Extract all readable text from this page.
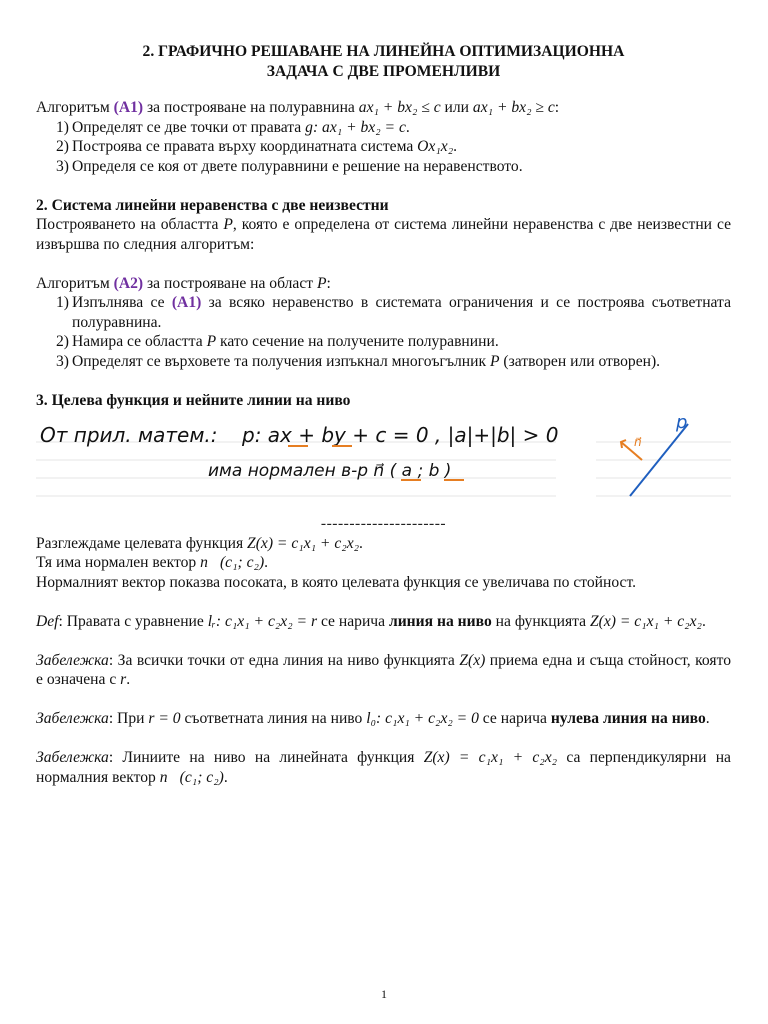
2. ГРАФИЧНО РЕШАВАНЕ НА ЛИНЕЙНА ОПТИМИЗАЦИОННА
ЗАДАЧА С ДВЕ ПРОМЕНЛИВИ

Алгоритъм (A1) за построяване на полуравнина ax₁ + bx₂ ≤ c или ax₁ + bx₂ ≥ c:

1) Определят се две точки от правата g: ax₁ + bx₂ = c.
2) Построява се правата върху координатната система Ox₁x₂.
3) Определя се коя от двете полуравнини е решение на неравенството.

2. Система линейни неравенства с две неизвестни

Построяването на областта P, която е определена от система линейни неравенства с две неизвестни се извършва по следния алгоритъм:

Алгоритъм (A2) за построяване на област P:

1) Изпълнява се (A1) за всяко неравенство в системата ограничения и се построява съответната полуравнина.
2) Намира се областта P като сечение на получените полуравнини.
3) Определят се върховете та получения изпъкнал многоъгълник P (затворен или отворен).

3. Целева функция и нейните линии на ниво

От прил. матем.: p: ax + by + c = 0 , |a|+|b| > 0
има нормален в-р n⃗ ( a ; b )
p
n⃗

----------------------

Разглеждаме целевата функция Z(x) = c₁x₁ + c₂x₂.

Тя има нормален вектор n⃗(c₁; c₂).

Нормалният вектор показва посоката, в която целевата функция се увеличава по стойност.

Def: Правата с уравнение lᵣ: c₁x₁ + c₂x₂ = r се нарича линия на ниво на функцията Z(x) = c₁x₁ + c₂x₂.

Забележка: За всички точки от една линия на ниво функцията Z(x) приема една и съща стойност, която е означена с r.

Забележка: При r = 0 съответната линия на ниво l₀: c₁x₁ + c₂x₂ = 0 се нарича нулева линия на ниво.

Забележка: Линиите на ниво на линейната функция Z(x) = c₁x₁ + c₂x₂ са перпендикулярни на нормалния вектор n⃗(c₁; c₂).

1
